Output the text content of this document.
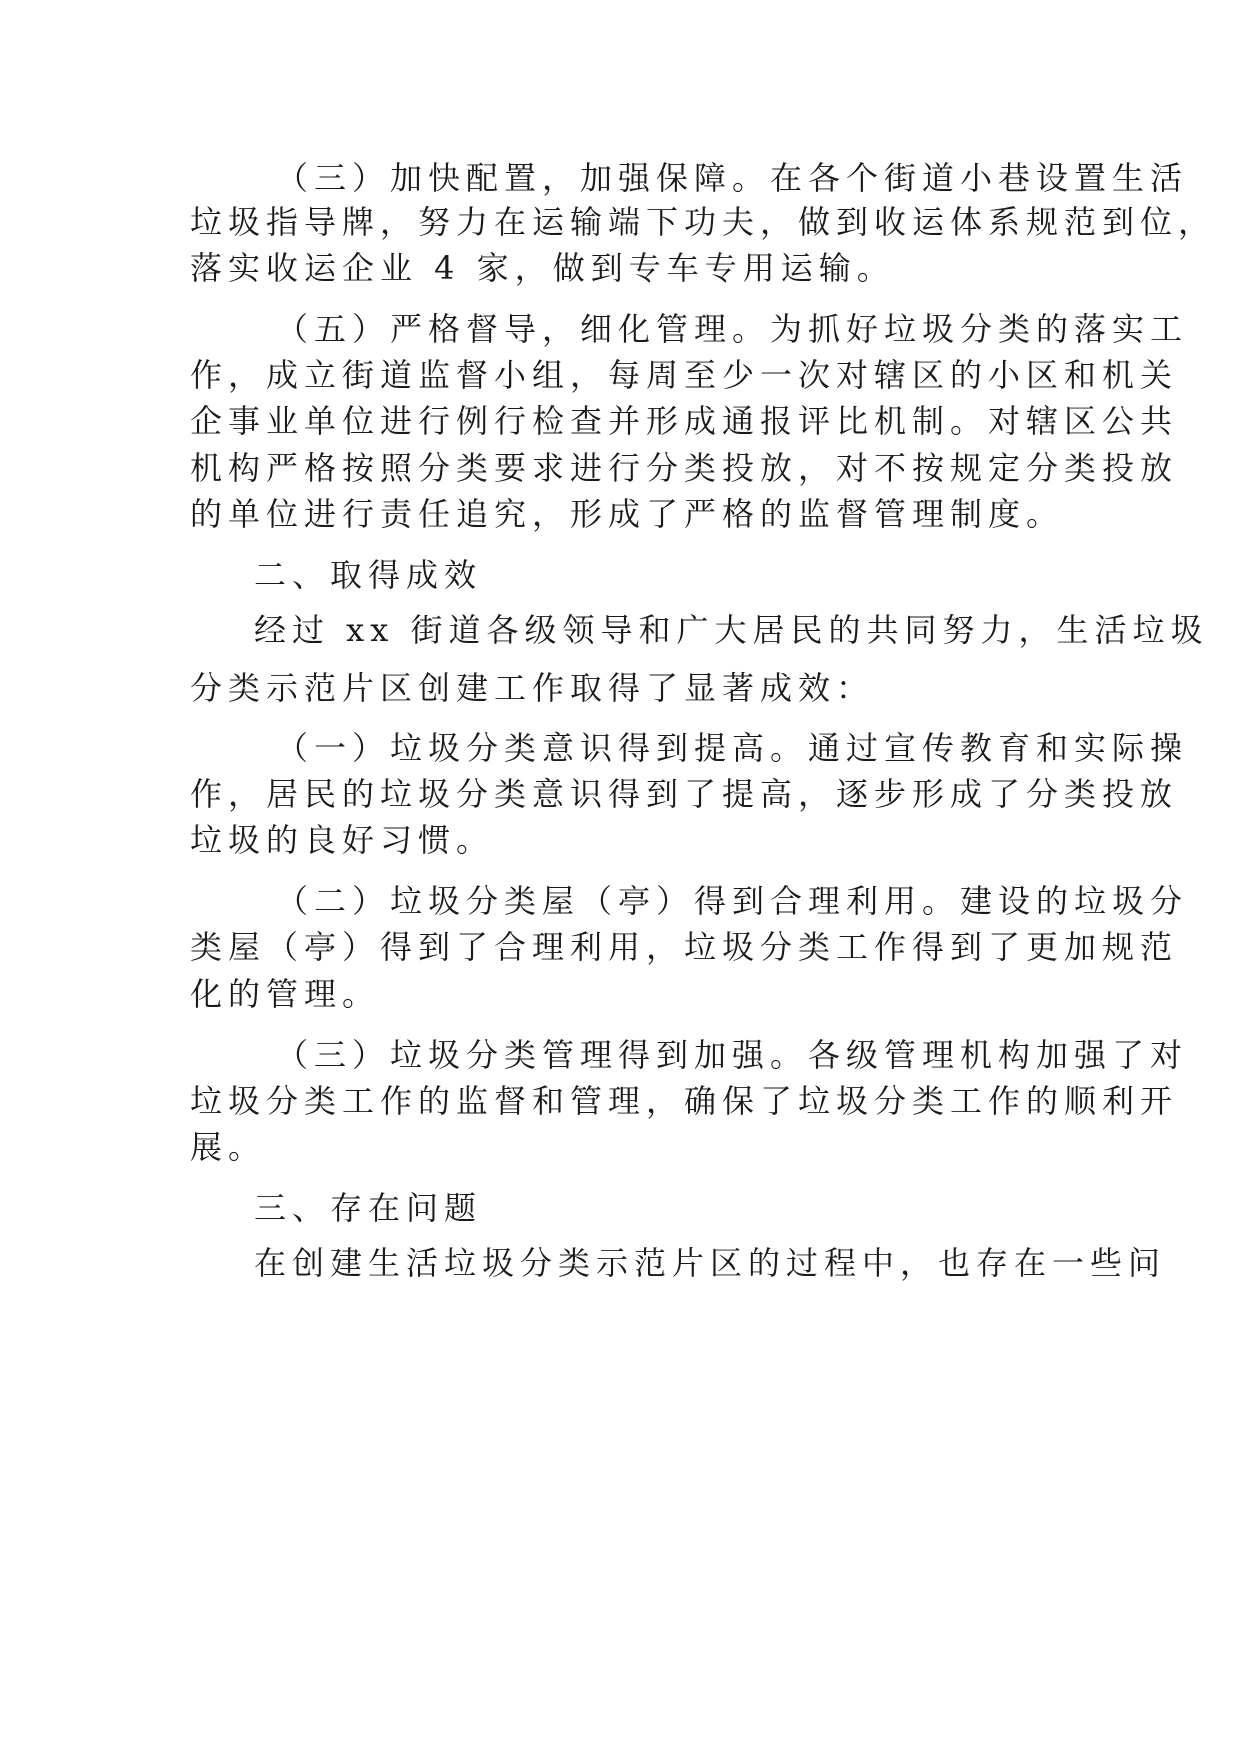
（三）加快配置，加强保障。在各个街道小巷设置生活
垃圾指导牌，努力在运输端下功夫，做到收运体系规范到位，
落实收运企业 4 家，做到专车专用运输。
（五）严格督导，细化管理。为抓好垃圾分类的落实工
作，成立街道监督小组，每周至少一次对辖区的小区和机关
企事业单位进行例行检查并形成通报评比机制。对辖区公共
机构严格按照分类要求进行分类投放，对不按规定分类投放
的单位进行责任追究，形成了严格的监督管理制度。
二、取得成效
经过 xx 街道各级领导和广大居民的共同努力，生活垃圾
分类示范片区创建工作取得了显著成效：
（一）垃圾分类意识得到提高。通过宣传教育和实际操
作，居民的垃圾分类意识得到了提高，逐步形成了分类投放
垃圾的良好习惯。
（二）垃圾分类屋（亭）得到合理利用。建设的垃圾分
类屋（亭）得到了合理利用，垃圾分类工作得到了更加规范
化的管理。
（三）垃圾分类管理得到加强。各级管理机构加强了对
垃圾分类工作的监督和管理，确保了垃圾分类工作的顺利开
展。
三、存在问题
在创建生活垃圾分类示范片区的过程中，也存在一些问
